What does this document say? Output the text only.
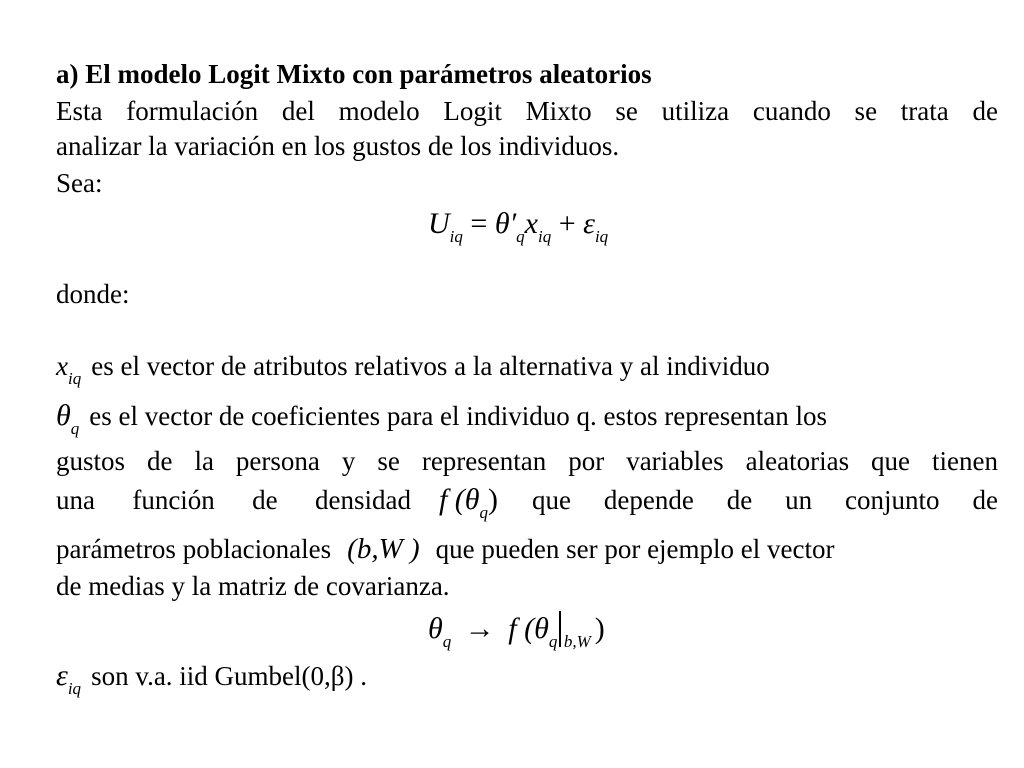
a) El modelo Logit Mixto con parámetros aleatorios
Esta formulación del modelo Logit Mixto se utiliza cuando se trata de
analizar la variación en los gustos de los individuos.
Sea:
$U_{iq} = \theta'_qx_{iq} + \varepsilon_{iq}$
donde:
$x_{iq}$ es el vector de atributos relativos a la alternativa y al individuo
$\theta_q$ es el vector de coeficientes para el individuo q. estos representan los
gustos de la persona y se representan por variables aleatorias que tienen
una función de densidad f $(\theta_q)$ que depende de un conjunto de
parámetros poblacionales (b,W ) que pueden ser por ejemplo el vector
de medias y la matriz de covarianza.
$\theta_q \to f$ ($\theta_q$ $_{b,W}$ )
$\varepsilon_{iq}$ son v.a. iid Gumbel(0,β) .
